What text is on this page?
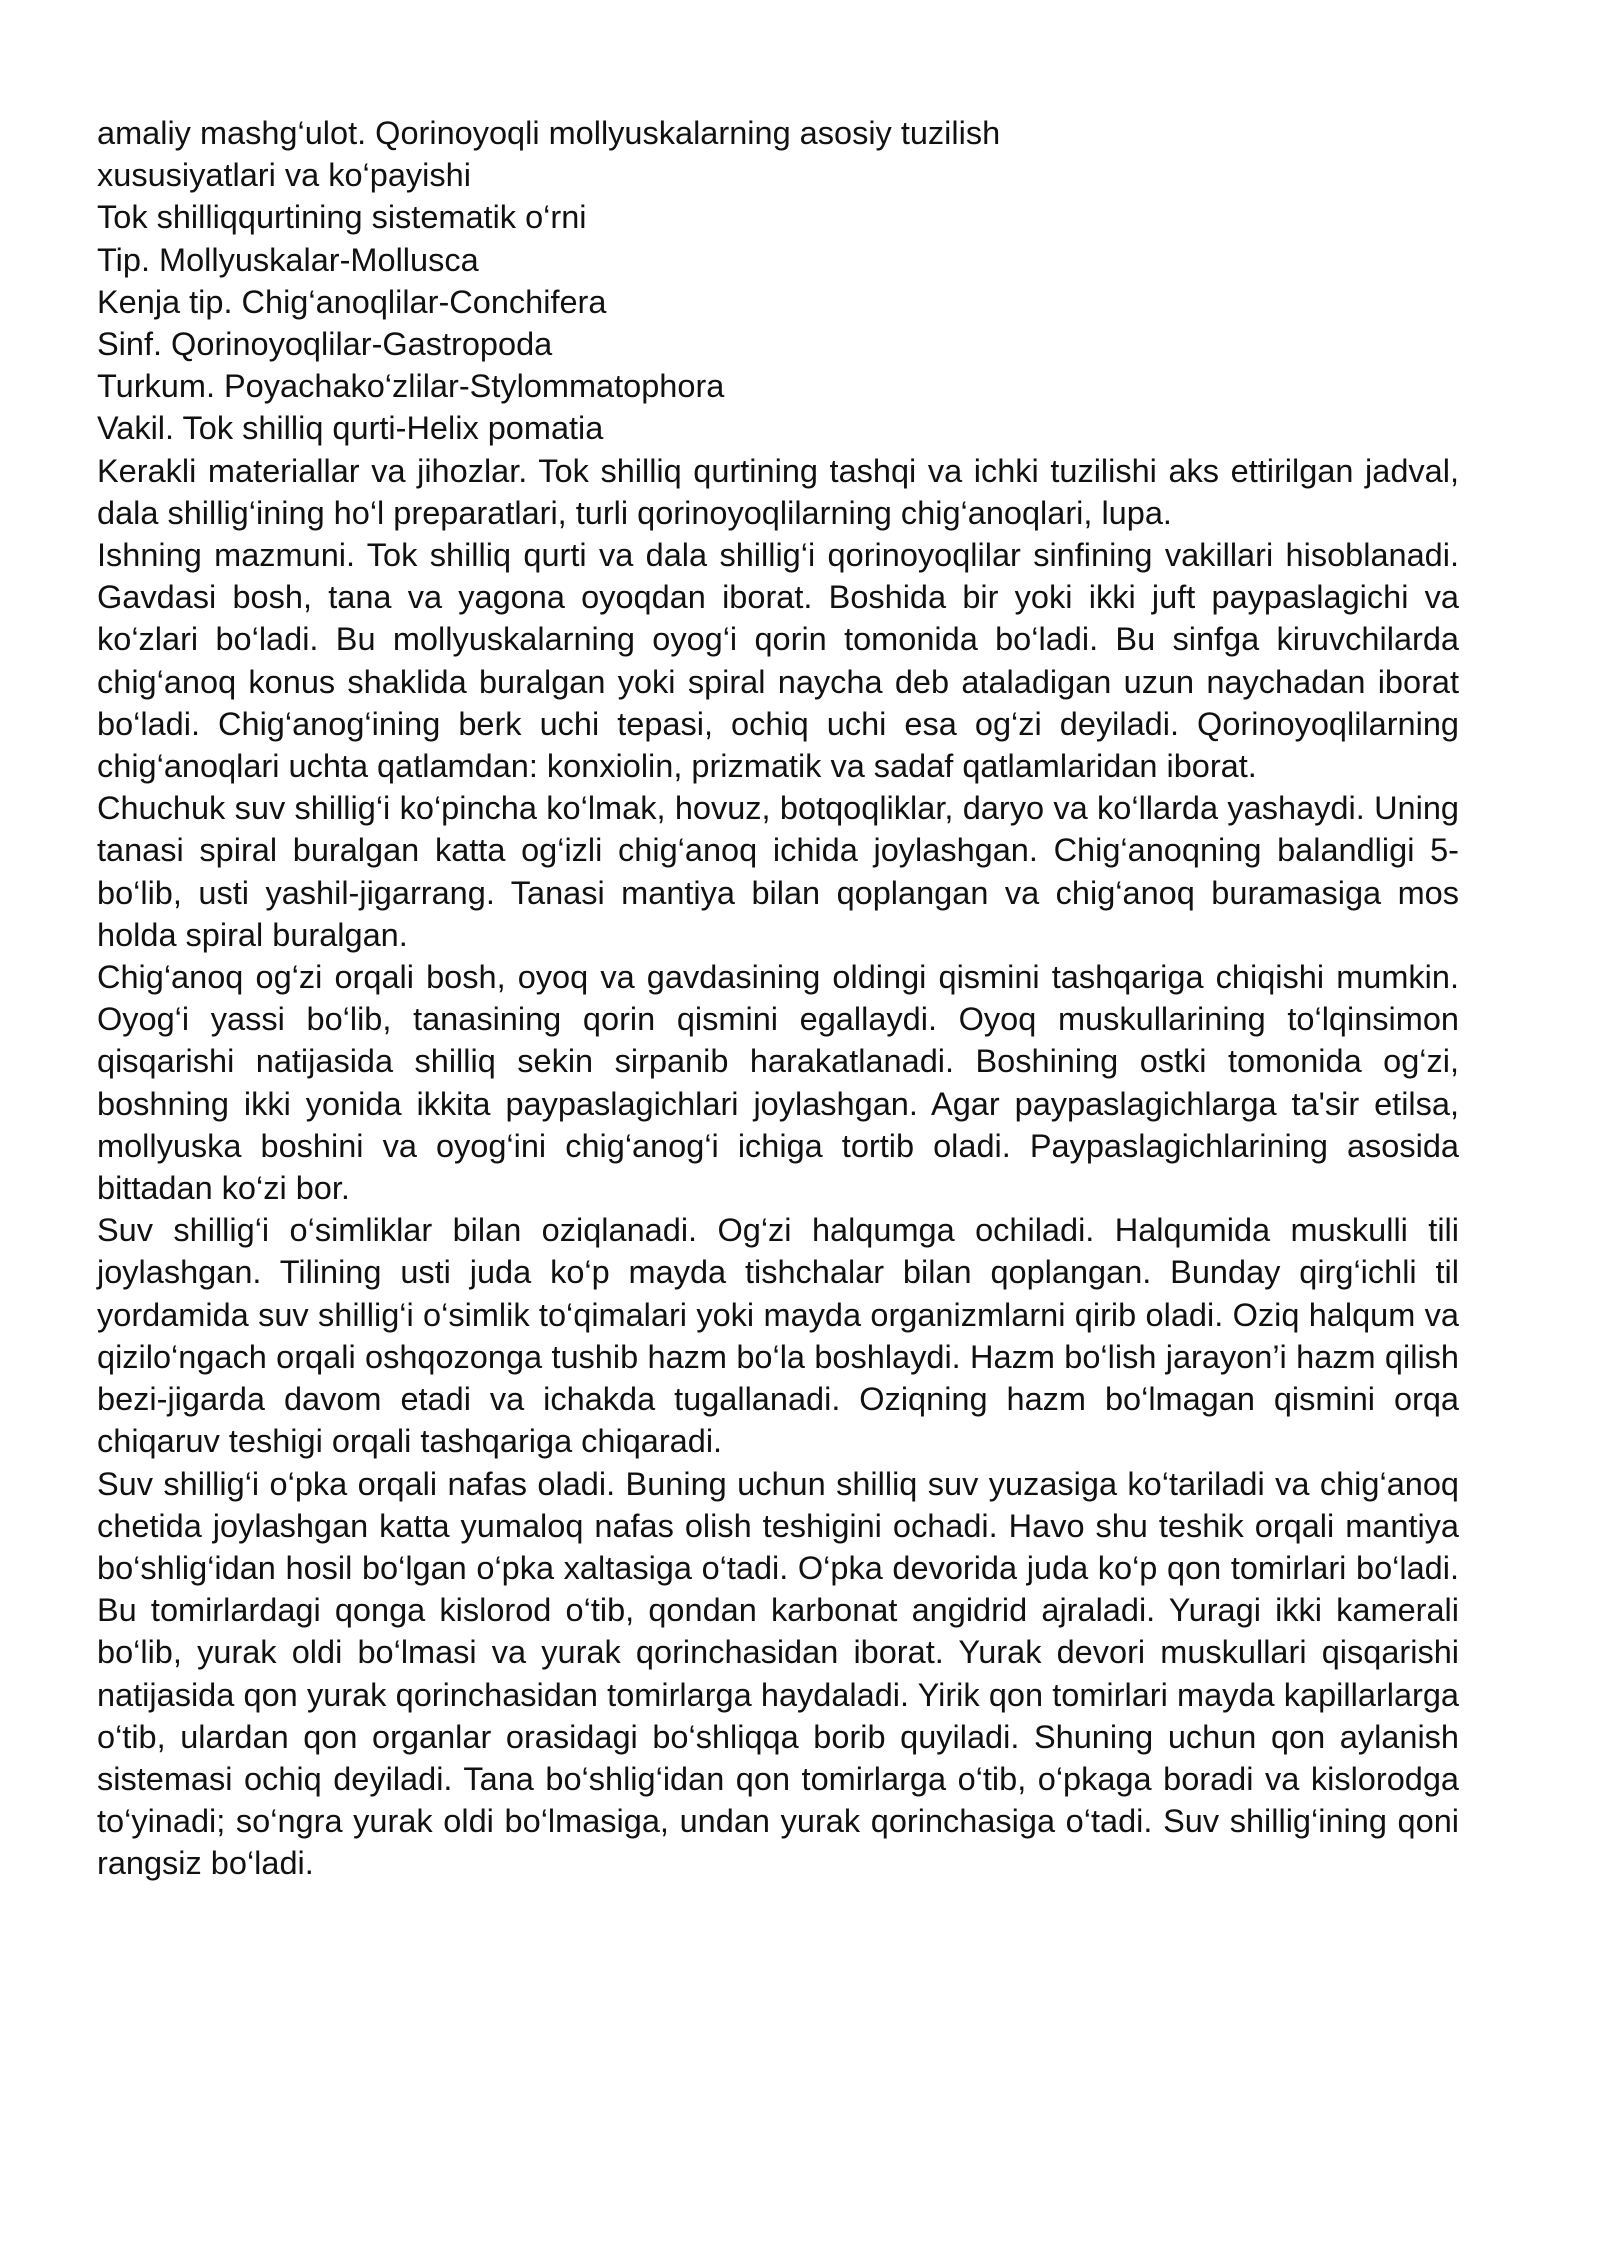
amaliy mashg‘ulot. Qorinoyoqli mollyuskalarning asosiy tuzilish

xususiyatlari va ko‘payishi

Tok shilliqqurtining sistematik o‘rni

Tip. Mollyuskalar-Mollusca

Kenja tip. Chig‘anoqlilar-Conchifera

Sinf. Qorinoyoqlilar-Gastropoda

Turkum. Poyachako‘zlilar-Stylommatophora

Vakil. Tok shilliq qurti-Helix pomatia

Kerakli materiallar va jihozlar. Tok shilliq qurtining tashqi va ichki tuzilishi aks ettirilgan jadval, dala shillig‘ining ho‘l preparatlari, turli qorinoyoqlilarning chig‘anoqlari, lupa.

Ishning mazmuni. Tok shilliq qurti va dala shillig‘i qorinoyoqlilar sinfining vakillari hisoblanadi. Gavdasi bosh, tana va yagona oyoqdan iborat. Boshida bir yoki ikki juft paypaslagichi va ko‘zlari bo‘ladi. Bu mollyuskalarning oyog‘i qorin tomonida bo‘ladi. Bu sinfga kiruvchilarda chig‘anoq konus shaklida buralgan yoki spiral naycha deb ataladigan uzun naychadan iborat bo‘ladi. Chig‘anog‘ining berk uchi tepasi, ochiq uchi esa og‘zi deyiladi. Qorinoyoqlilarning chig‘anoqlari uchta qatlamdan: konxiolin, prizmatik va sadaf qatlamlaridan iborat.

Chuchuk suv shillig‘i ko‘pincha ko‘lmak, hovuz, botqoqliklar, daryo va ko‘llarda yashaydi. Uning tanasi spiral buralgan katta og‘izli chig‘anoq ichida joylashgan. Chig‘anoqning balandligi 5- bo‘lib, usti yashil-jigarrang. Tanasi mantiya bilan qoplangan va chig‘anoq buramasiga mos holda spiral buralgan.

Chig‘anoq og‘zi orqali bosh, oyoq va gavdasining oldingi qismini tashqariga chiqishi mumkin. Oyog‘i yassi bo‘lib, tanasining qorin qismini egallaydi. Oyoq muskullarining to‘lqinsimon qisqarishi natijasida shilliq sekin sirpanib harakatlanadi. Boshining ostki tomonida og‘zi, boshning ikki yonida ikkita paypaslagichlari joylashgan. Agar paypaslagichlarga ta'sir etilsa, mollyuska boshini va oyog‘ini chig‘anog‘i ichiga tortib oladi. Paypaslagichlarining asosida bittadan ko‘zi bor.

Suv shillig‘i o‘simliklar bilan oziqlanadi. Og‘zi halqumga ochiladi. Halqumida muskulli tili joylashgan. Tilining usti juda ko‘p mayda tishchalar bilan qoplangan. Bunday qirg‘ichli til yordamida suv shillig‘i o‘simlik to‘qimalari yoki mayda organizmlarni qirib oladi. Oziq halqum va qizilo‘ngach orqali oshqozonga tushib hazm bo‘la boshlaydi. Hazm bo‘lish jarayon’i hazm qilish bezi-jigarda davom etadi va ichakda tugallanadi. Oziqning hazm bo‘lmagan qismini orqa chiqaruv teshigi orqali tashqariga chiqaradi.

Suv shillig‘i o‘pka orqali nafas oladi. Buning uchun shilliq suv yuzasiga ko‘tariladi va chig‘anoq chetida joylashgan katta yumaloq nafas olish teshigini ochadi. Havo shu teshik orqali mantiya bo‘shlig‘idan hosil bo‘lgan o‘pka xaltasiga o‘tadi. O‘pka devorida juda ko‘p qon tomirlari bo‘ladi. Bu tomirlardagi qonga kislorod o‘tib, qondan karbonat angidrid ajraladi. Yuragi ikki kamerali bo‘lib, yurak oldi bo‘lmasi va yurak qorinchasidan iborat. Yurak devori muskullari qisqarishi natijasida qon yurak qorinchasidan tomirlarga haydaladi. Yirik qon tomirlari mayda kapillarlarga o‘tib, ulardan qon organlar orasidagi bo‘shliqqa borib quyiladi. Shuning uchun qon aylanish sistemasi ochiq deyiladi. Tana bo‘shlig‘idan qon tomirlarga o‘tib, o‘pkaga boradi va kislorodga to‘yinadi; so‘ngra yurak oldi bo‘lmasiga, undan yurak qorinchasiga o‘tadi. Suv shillig‘ining qoni rangsiz bo‘ladi.
